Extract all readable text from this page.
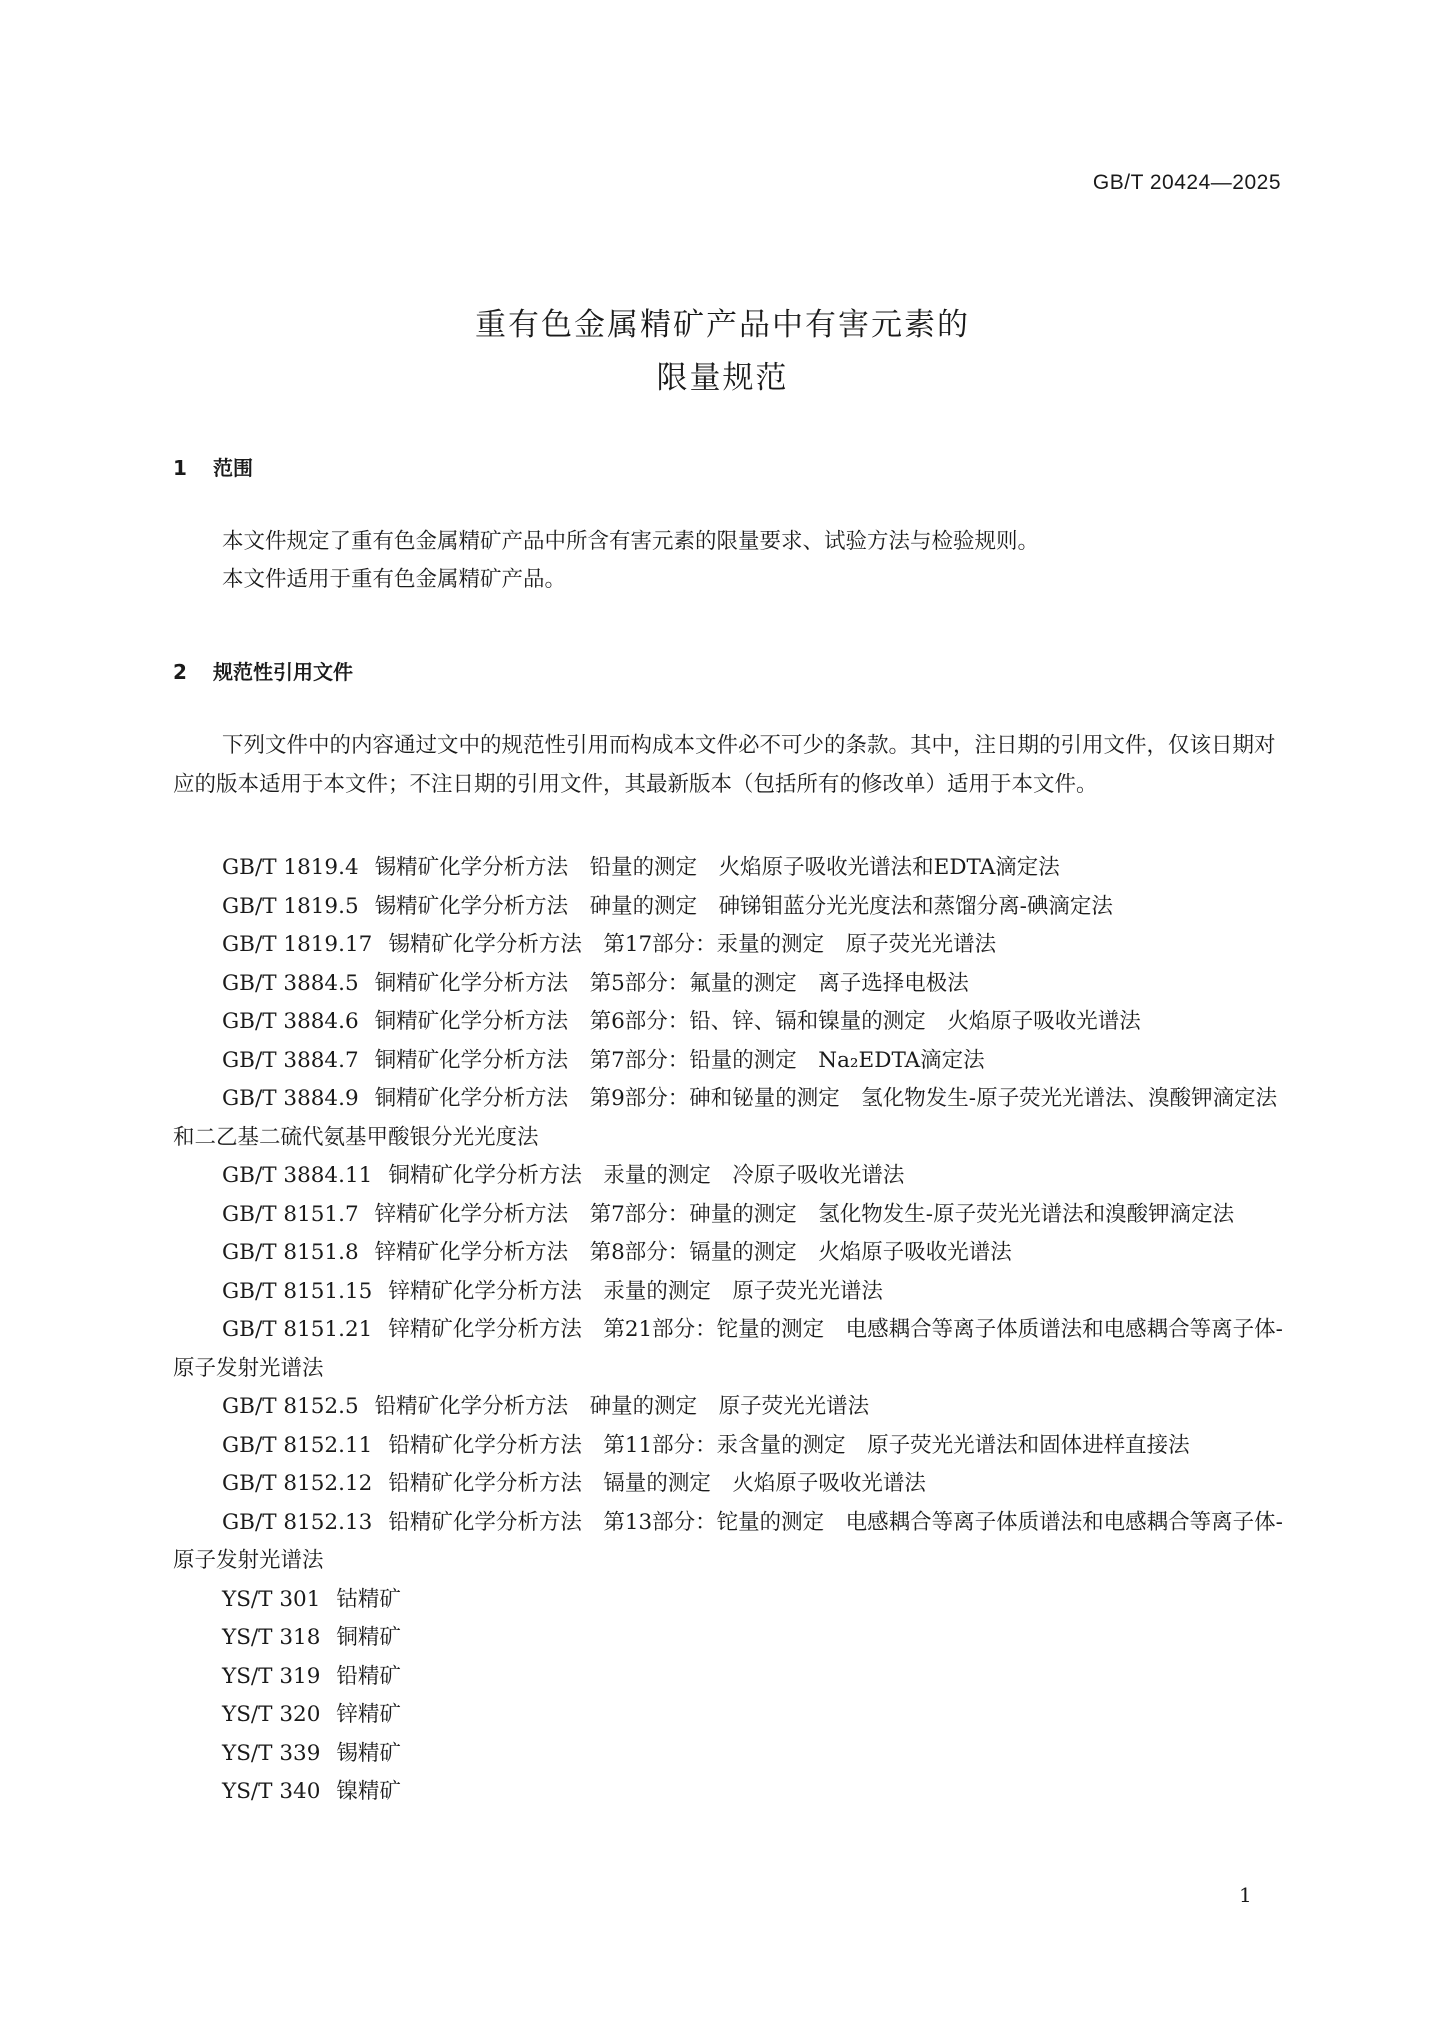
GB/T 20424—2025
重有色金属精矿产品中有害元素的
限量规范
1 范围
本文件规定了重有色金属精矿产品中所含有害元素的限量要求、试验方法与检验规则。
本文件适用于重有色金属精矿产品。
2 规范性引用文件
下列文件中的内容通过文中的规范性引用而构成本文件必不可少的条款。其中，注日期的引用文件，仅该日期对应的版本适用于本文件；不注日期的引用文件，其最新版本（包括所有的修改单）适用于本文件。
GB/T 1819.4 锡精矿化学分析方法　铅量的测定　火焰原子吸收光谱法和EDTA滴定法
GB/T 1819.5 锡精矿化学分析方法　砷量的测定　砷锑钼蓝分光光度法和蒸馏分离-碘滴定法
GB/T 1819.17 锡精矿化学分析方法　第17部分：汞量的测定　原子荧光光谱法
GB/T 3884.5 铜精矿化学分析方法　第5部分：氟量的测定　离子选择电极法
GB/T 3884.6 铜精矿化学分析方法　第6部分：铅、锌、镉和镍量的测定　火焰原子吸收光谱法
GB/T 3884.7 铜精矿化学分析方法　第7部分：铅量的测定　Na₂EDTA滴定法
GB/T 3884.9 铜精矿化学分析方法　第9部分：砷和铋量的测定　氢化物发生-原子荧光光谱法、溴酸钾滴定法和二乙基二硫代氨基甲酸银分光光度法
GB/T 3884.11 铜精矿化学分析方法　汞量的测定　冷原子吸收光谱法
GB/T 8151.7 锌精矿化学分析方法　第7部分：砷量的测定　氢化物发生-原子荧光光谱法和溴酸钾滴定法
GB/T 8151.8 锌精矿化学分析方法　第8部分：镉量的测定　火焰原子吸收光谱法
GB/T 8151.15 锌精矿化学分析方法　汞量的测定　原子荧光光谱法
GB/T 8151.21 锌精矿化学分析方法　第21部分：铊量的测定　电感耦合等离子体质谱法和电感耦合等离子体-原子发射光谱法
GB/T 8152.5 铅精矿化学分析方法　砷量的测定　原子荧光光谱法
GB/T 8152.11 铅精矿化学分析方法　第11部分：汞含量的测定　原子荧光光谱法和固体进样直接法
GB/T 8152.12 铅精矿化学分析方法　镉量的测定　火焰原子吸收光谱法
GB/T 8152.13 铅精矿化学分析方法　第13部分：铊量的测定　电感耦合等离子体质谱法和电感耦合等离子体-原子发射光谱法
YS/T 301 钴精矿
YS/T 318 铜精矿
YS/T 319 铅精矿
YS/T 320 锌精矿
YS/T 339 锡精矿
YS/T 340 镍精矿
1
